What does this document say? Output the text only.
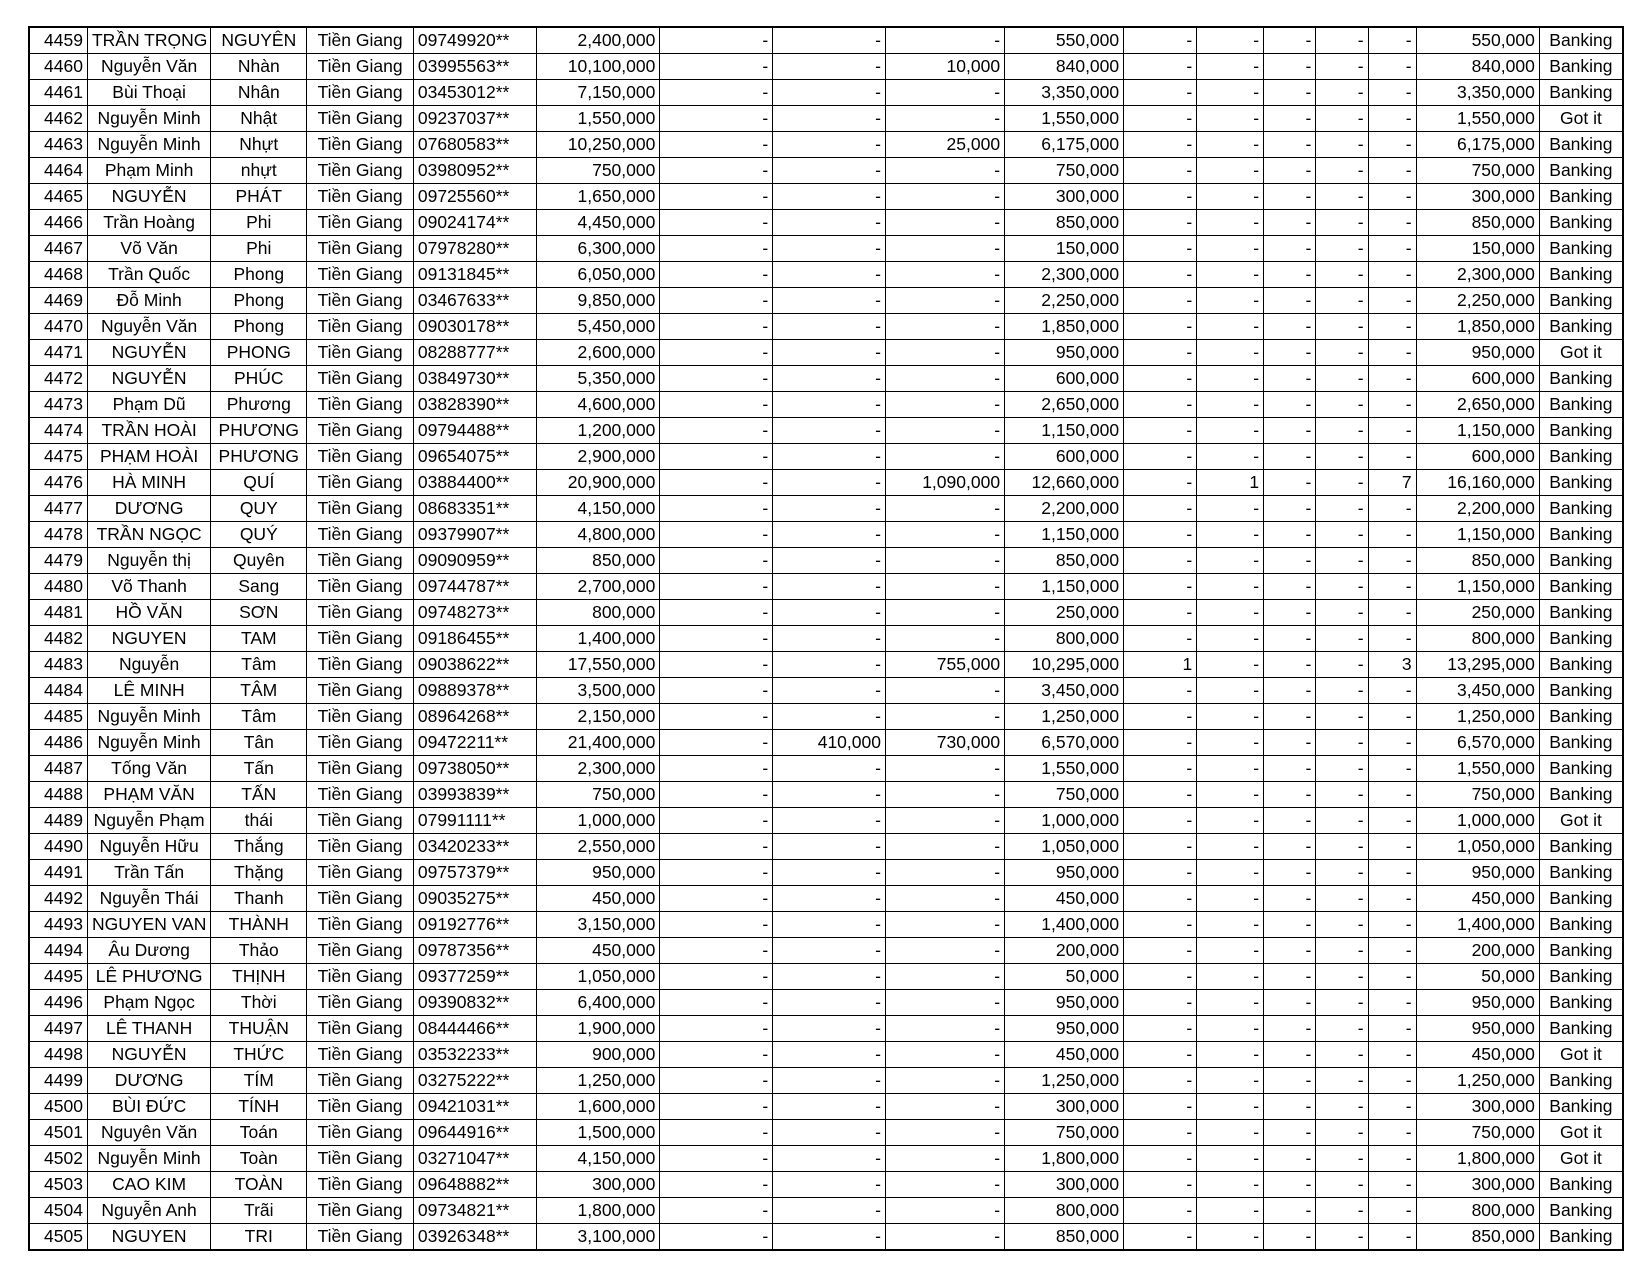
4459	TRẦN TRỌNG	NGUYÊN	Tiền Giang	09749920**	2,400,000	-	-	-	550,000	-	-	-	-	-	550,000	Banking
4460	Nguyễn Văn	Nhàn	Tiền Giang	03995563**	10,100,000	-	-	10,000	840,000	-	-	-	-	-	840,000	Banking
4461	Bùi Thoại	Nhân	Tiền Giang	03453012**	7,150,000	-	-	-	3,350,000	-	-	-	-	-	3,350,000	Banking
4462	Nguyễn Minh	Nhật	Tiền Giang	09237037**	1,550,000	-	-	-	1,550,000	-	-	-	-	-	1,550,000	Got it
4463	Nguyễn Minh	Nhựt	Tiền Giang	07680583**	10,250,000	-	-	25,000	6,175,000	-	-	-	-	-	6,175,000	Banking
4464	Phạm Minh	nhựt	Tiền Giang	03980952**	750,000	-	-	-	750,000	-	-	-	-	-	750,000	Banking
4465	NGUYỄN	PHÁT	Tiền Giang	09725560**	1,650,000	-	-	-	300,000	-	-	-	-	-	300,000	Banking
4466	Trần Hoàng	Phi	Tiền Giang	09024174**	4,450,000	-	-	-	850,000	-	-	-	-	-	850,000	Banking
4467	Võ Văn	Phi	Tiền Giang	07978280**	6,300,000	-	-	-	150,000	-	-	-	-	-	150,000	Banking
4468	Trần Quốc	Phong	Tiền Giang	09131845**	6,050,000	-	-	-	2,300,000	-	-	-	-	-	2,300,000	Banking
4469	Đỗ Minh	Phong	Tiền Giang	03467633**	9,850,000	-	-	-	2,250,000	-	-	-	-	-	2,250,000	Banking
4470	Nguyễn Văn	Phong	Tiền Giang	09030178**	5,450,000	-	-	-	1,850,000	-	-	-	-	-	1,850,000	Banking
4471	NGUYỄN	PHONG	Tiền Giang	08288777**	2,600,000	-	-	-	950,000	-	-	-	-	-	950,000	Got it
4472	NGUYỄN	PHÚC	Tiền Giang	03849730**	5,350,000	-	-	-	600,000	-	-	-	-	-	600,000	Banking
4473	Phạm Dũ	Phương	Tiền Giang	03828390**	4,600,000	-	-	-	2,650,000	-	-	-	-	-	2,650,000	Banking
4474	TRẦN HOÀI	PHƯƠNG	Tiền Giang	09794488**	1,200,000	-	-	-	1,150,000	-	-	-	-	-	1,150,000	Banking
4475	PHẠM HOÀI	PHƯƠNG	Tiền Giang	09654075**	2,900,000	-	-	-	600,000	-	-	-	-	-	600,000	Banking
4476	HÀ MINH	QUÍ	Tiền Giang	03884400**	20,900,000	-	-	1,090,000	12,660,000	-	1	-	-	7	16,160,000	Banking
4477	DƯƠNG	QUY	Tiền Giang	08683351**	4,150,000	-	-	-	2,200,000	-	-	-	-	-	2,200,000	Banking
4478	TRẦN NGỌC	QUÝ	Tiền Giang	09379907**	4,800,000	-	-	-	1,150,000	-	-	-	-	-	1,150,000	Banking
4479	Nguyễn thị	Quyên	Tiền Giang	09090959**	850,000	-	-	-	850,000	-	-	-	-	-	850,000	Banking
4480	Võ Thanh	Sang	Tiền Giang	09744787**	2,700,000	-	-	-	1,150,000	-	-	-	-	-	1,150,000	Banking
4481	HỒ VĂN	SƠN	Tiền Giang	09748273**	800,000	-	-	-	250,000	-	-	-	-	-	250,000	Banking
4482	NGUYEN	TAM	Tiền Giang	09186455**	1,400,000	-	-	-	800,000	-	-	-	-	-	800,000	Banking
4483	Nguyễn	Tâm	Tiền Giang	09038622**	17,550,000	-	-	755,000	10,295,000	1	-	-	-	3	13,295,000	Banking
4484	LÊ MINH	TÂM	Tiền Giang	09889378**	3,500,000	-	-	-	3,450,000	-	-	-	-	-	3,450,000	Banking
4485	Nguyễn Minh	Tâm	Tiền Giang	08964268**	2,150,000	-	-	-	1,250,000	-	-	-	-	-	1,250,000	Banking
4486	Nguyễn Minh	Tân	Tiền Giang	09472211**	21,400,000	-	410,000	730,000	6,570,000	-	-	-	-	-	6,570,000	Banking
4487	Tống Văn	Tấn	Tiền Giang	09738050**	2,300,000	-	-	-	1,550,000	-	-	-	-	-	1,550,000	Banking
4488	PHẠM VĂN	TẤN	Tiền Giang	03993839**	750,000	-	-	-	750,000	-	-	-	-	-	750,000	Banking
4489	Nguyễn Phạm	thái	Tiền Giang	07991111**	1,000,000	-	-	-	1,000,000	-	-	-	-	-	1,000,000	Got it
4490	Nguyễn Hữu	Thắng	Tiền Giang	03420233**	2,550,000	-	-	-	1,050,000	-	-	-	-	-	1,050,000	Banking
4491	Trần Tấn	Thặng	Tiền Giang	09757379**	950,000	-	-	-	950,000	-	-	-	-	-	950,000	Banking
4492	Nguyễn Thái	Thanh	Tiền Giang	09035275**	450,000	-	-	-	450,000	-	-	-	-	-	450,000	Banking
4493	NGUYEN VAN	THÀNH	Tiền Giang	09192776**	3,150,000	-	-	-	1,400,000	-	-	-	-	-	1,400,000	Banking
4494	Âu Dương	Thảo	Tiền Giang	09787356**	450,000	-	-	-	200,000	-	-	-	-	-	200,000	Banking
4495	LÊ PHƯƠNG	THỊNH	Tiền Giang	09377259**	1,050,000	-	-	-	50,000	-	-	-	-	-	50,000	Banking
4496	Phạm Ngọc	Thời	Tiền Giang	09390832**	6,400,000	-	-	-	950,000	-	-	-	-	-	950,000	Banking
4497	LÊ THANH	THUẬN	Tiền Giang	08444466**	1,900,000	-	-	-	950,000	-	-	-	-	-	950,000	Banking
4498	NGUYỄN	THỨC	Tiền Giang	03532233**	900,000	-	-	-	450,000	-	-	-	-	-	450,000	Got it
4499	DƯƠNG	TÍM	Tiền Giang	03275222**	1,250,000	-	-	-	1,250,000	-	-	-	-	-	1,250,000	Banking
4500	BÙI ĐỨC	TÍNH	Tiền Giang	09421031**	1,600,000	-	-	-	300,000	-	-	-	-	-	300,000	Banking
4501	Nguyên Văn	Toán	Tiền Giang	09644916**	1,500,000	-	-	-	750,000	-	-	-	-	-	750,000	Got it
4502	Nguyễn Minh	Toàn	Tiền Giang	03271047**	4,150,000	-	-	-	1,800,000	-	-	-	-	-	1,800,000	Got it
4503	CAO KIM	TOÀN	Tiền Giang	09648882**	300,000	-	-	-	300,000	-	-	-	-	-	300,000	Banking
4504	Nguyễn Anh	Trãi	Tiền Giang	09734821**	1,800,000	-	-	-	800,000	-	-	-	-	-	800,000	Banking
4505	NGUYEN	TRI	Tiền Giang	03926348**	3,100,000	-	-	-	850,000	-	-	-	-	-	850,000	Banking
